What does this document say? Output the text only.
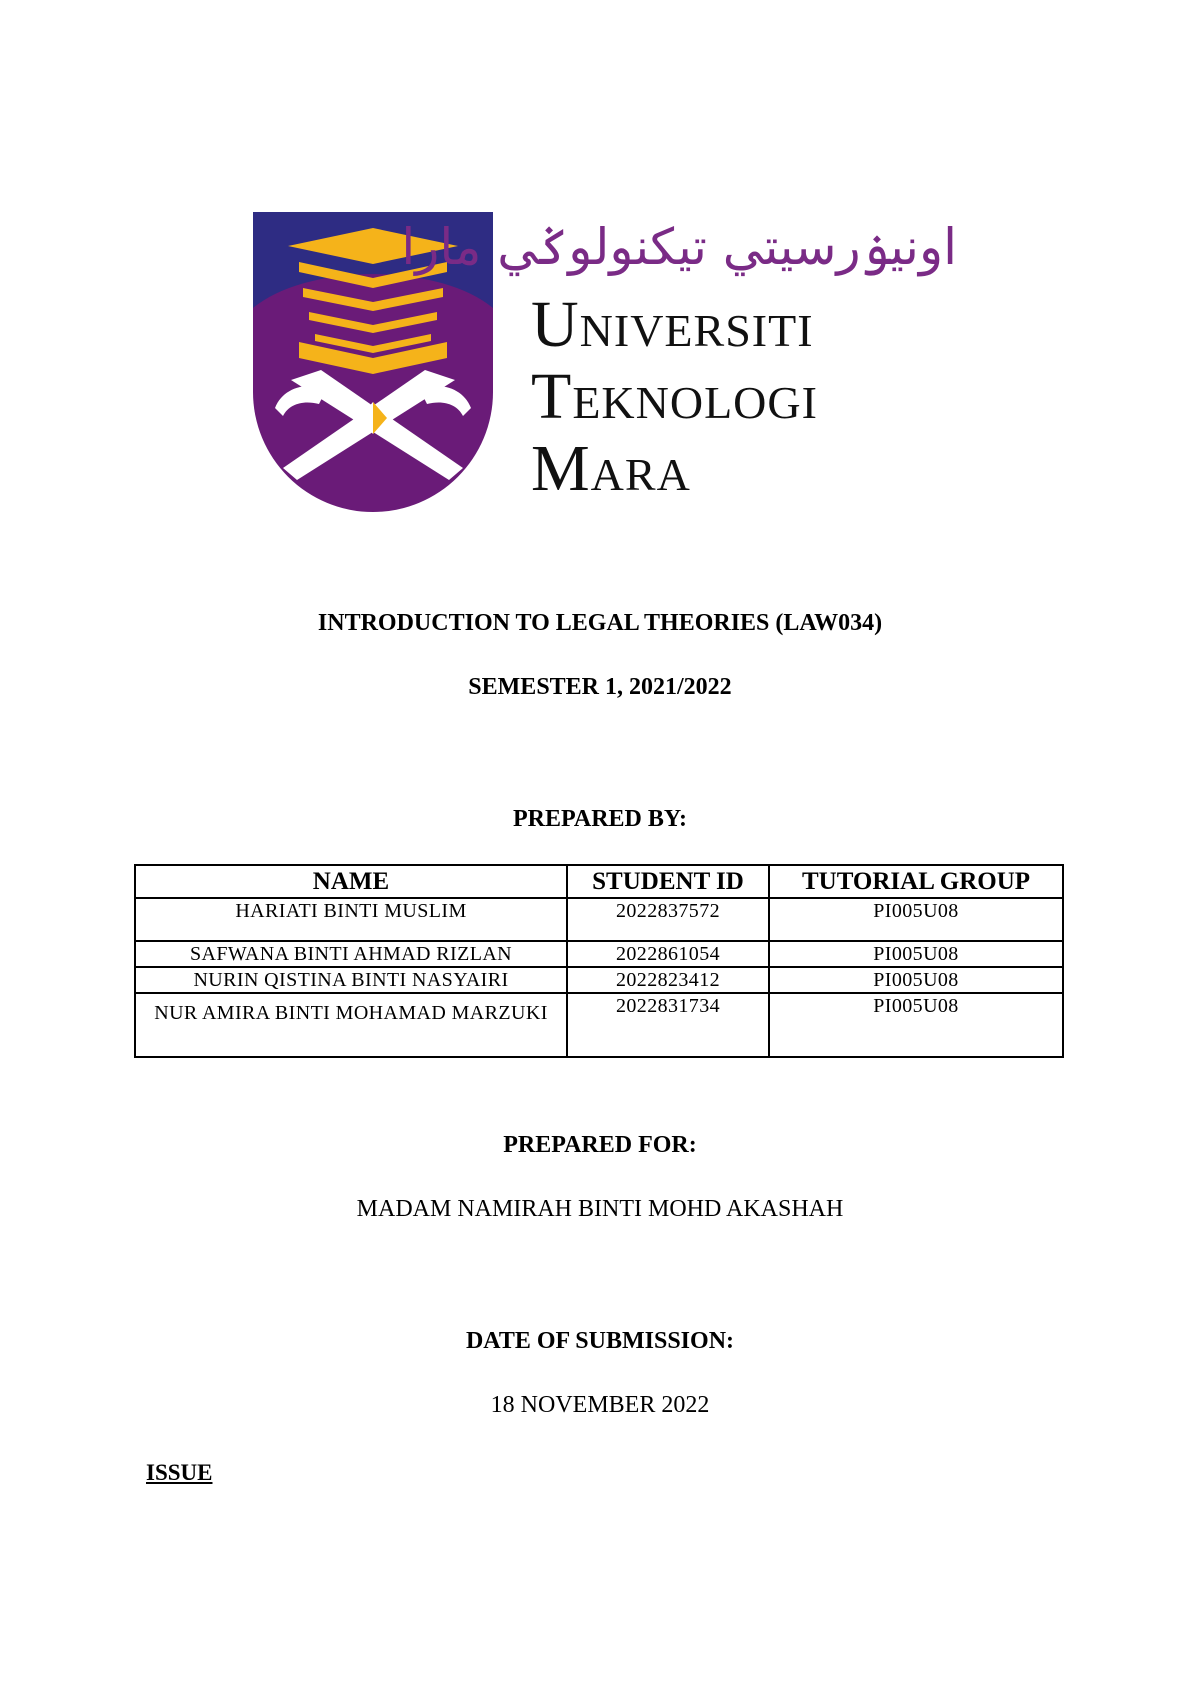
اونيۏرسيتي تيكنولوݢي مارا
Universiti
Teknologi
Mara
INTRODUCTION TO LEGAL THEORIES (LAW034)
SEMESTER 1, 2021/2022
PREPARED BY:
NAME	STUDENT ID	TUTORIAL GROUP
HARIATI BINTI MUSLIM	2022837572	PI005U08
SAFWANA BINTI AHMAD RIZLAN	2022861054	PI005U08
NURIN QISTINA BINTI NASYAIRI	2022823412	PI005U08
NUR AMIRA BINTI MOHAMAD MARZUKI	2022831734	PI005U08
PREPARED FOR:
MADAM NAMIRAH BINTI MOHD AKASHAH
DATE OF SUBMISSION:
18 NOVEMBER 2022
ISSUE
